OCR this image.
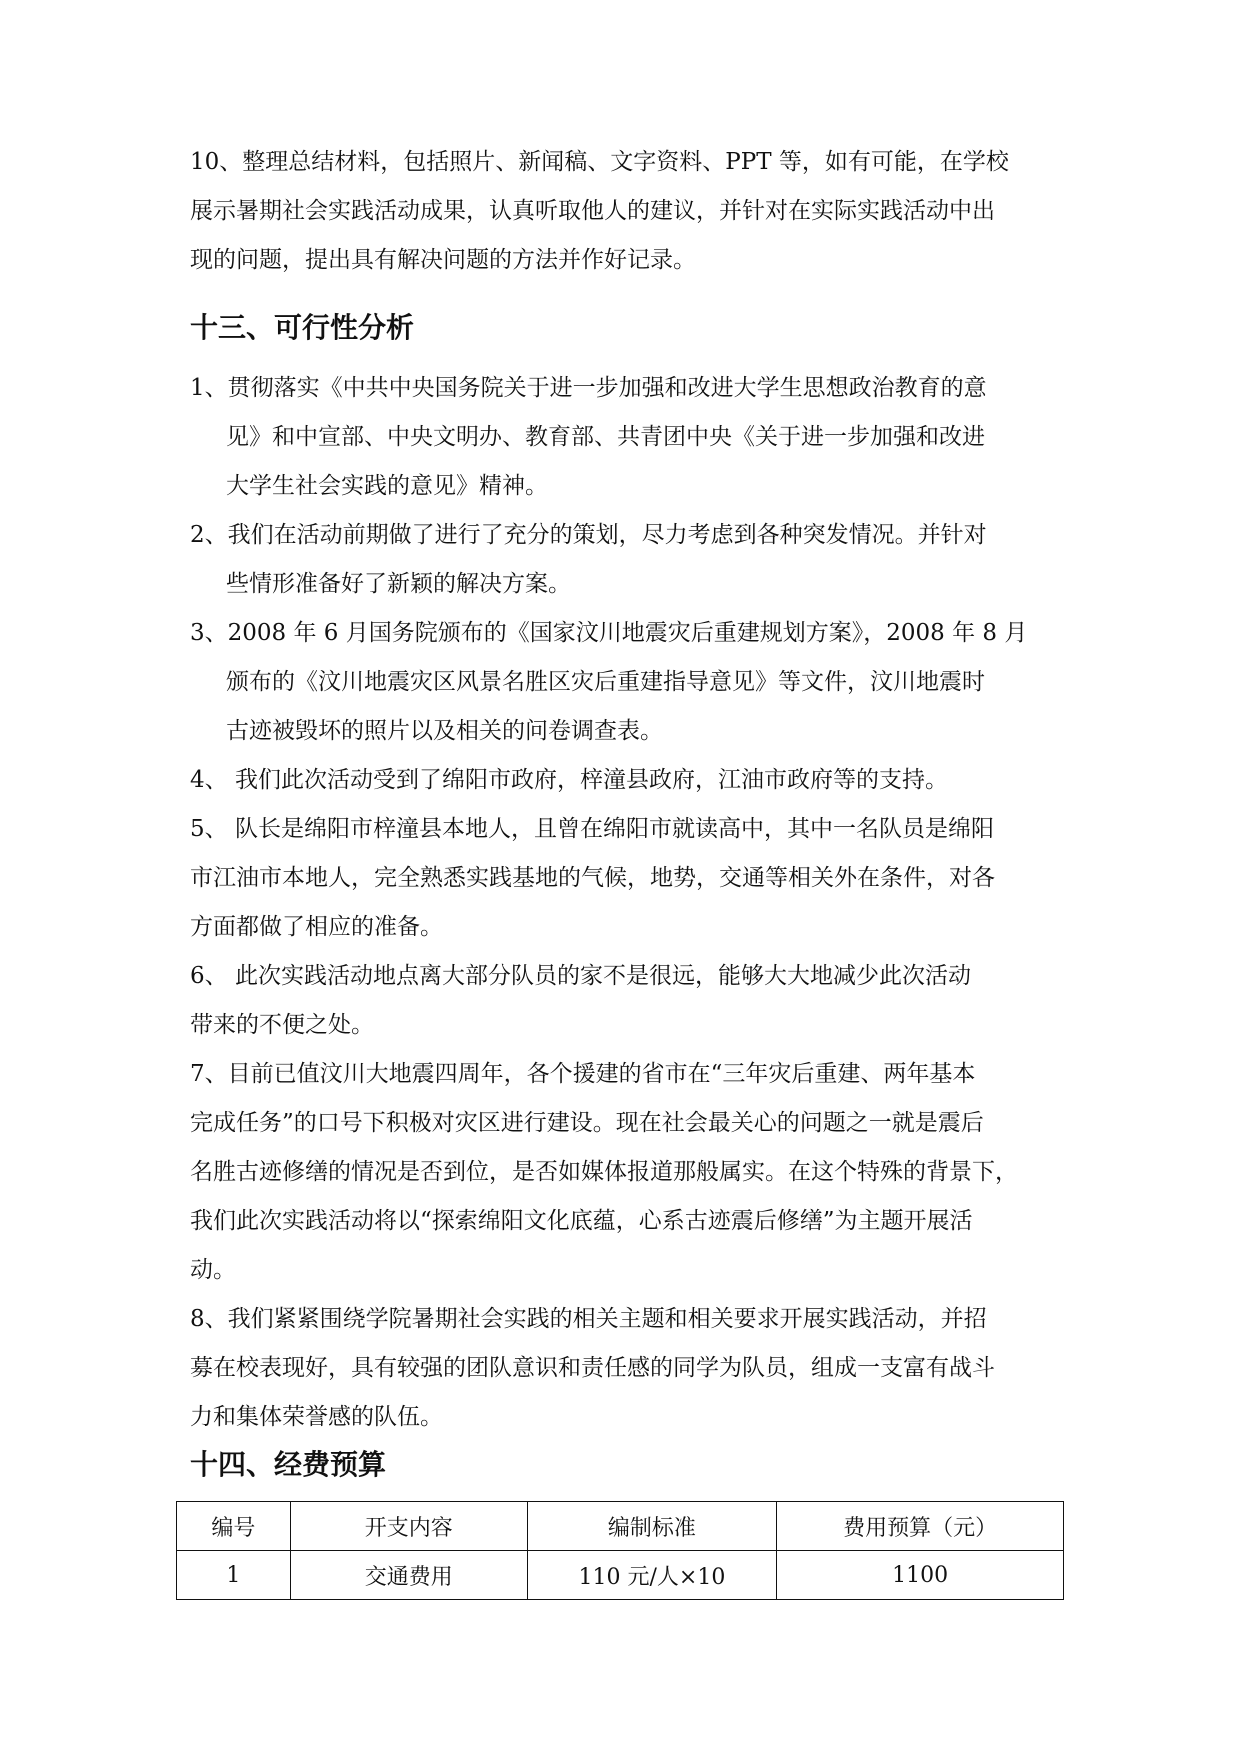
10、整理总结材料，包括照片、新闻稿、文字资料、PPT 等，如有可能，在学校
展示暑期社会实践活动成果，认真听取他人的建议，并针对在实际实践活动中出
现的问题，提出具有解决问题的方法并作好记录。

十三、可行性分析

1、贯彻落实《中共中央国务院关于进一步加强和改进大学生思想政治教育的意
见》和中宣部、中央文明办、教育部、共青团中央《关于进一步加强和改进
大学生社会实践的意见》精神。

2、我们在活动前期做了进行了充分的策划，尽力考虑到各种突发情况。并针对
些情形准备好了新颖的解决方案。

3、2008 年 6 月国务院颁布的《国家汶川地震灾后重建规划方案》，2008 年 8 月
颁布的《汶川地震灾区风景名胜区灾后重建指导意见》等文件，汶川地震时
古迹被毁坏的照片以及相关的问卷调查表。

4、 我们此次活动受到了绵阳市政府，梓潼县政府，江油市政府等的支持。

5、 队长是绵阳市梓潼县本地人，且曾在绵阳市就读高中，其中一名队员是绵阳
市江油市本地人，完全熟悉实践基地的气候，地势，交通等相关外在条件，对各
方面都做了相应的准备。

6、 此次实践活动地点离大部分队员的家不是很远，能够大大地减少此次活动
带来的不便之处。

7、目前已值汶川大地震四周年，各个援建的省市在“三年灾后重建、两年基本
完成任务”的口号下积极对灾区进行建设。现在社会最关心的问题之一就是震后
名胜古迹修缮的情况是否到位，是否如媒体报道那般属实。在这个特殊的背景下，
我们此次实践活动将以“探索绵阳文化底蕴，心系古迹震后修缮”为主题开展活
动。

8、我们紧紧围绕学院暑期社会实践的相关主题和相关要求开展实践活动，并招
募在校表现好，具有较强的团队意识和责任感的同学为队员，组成一支富有战斗
力和集体荣誉感的队伍。

十四、经费预算
编号	开支内容	编制标准	费用预算（元）
1	交通费用	110 元/人×10	1100
